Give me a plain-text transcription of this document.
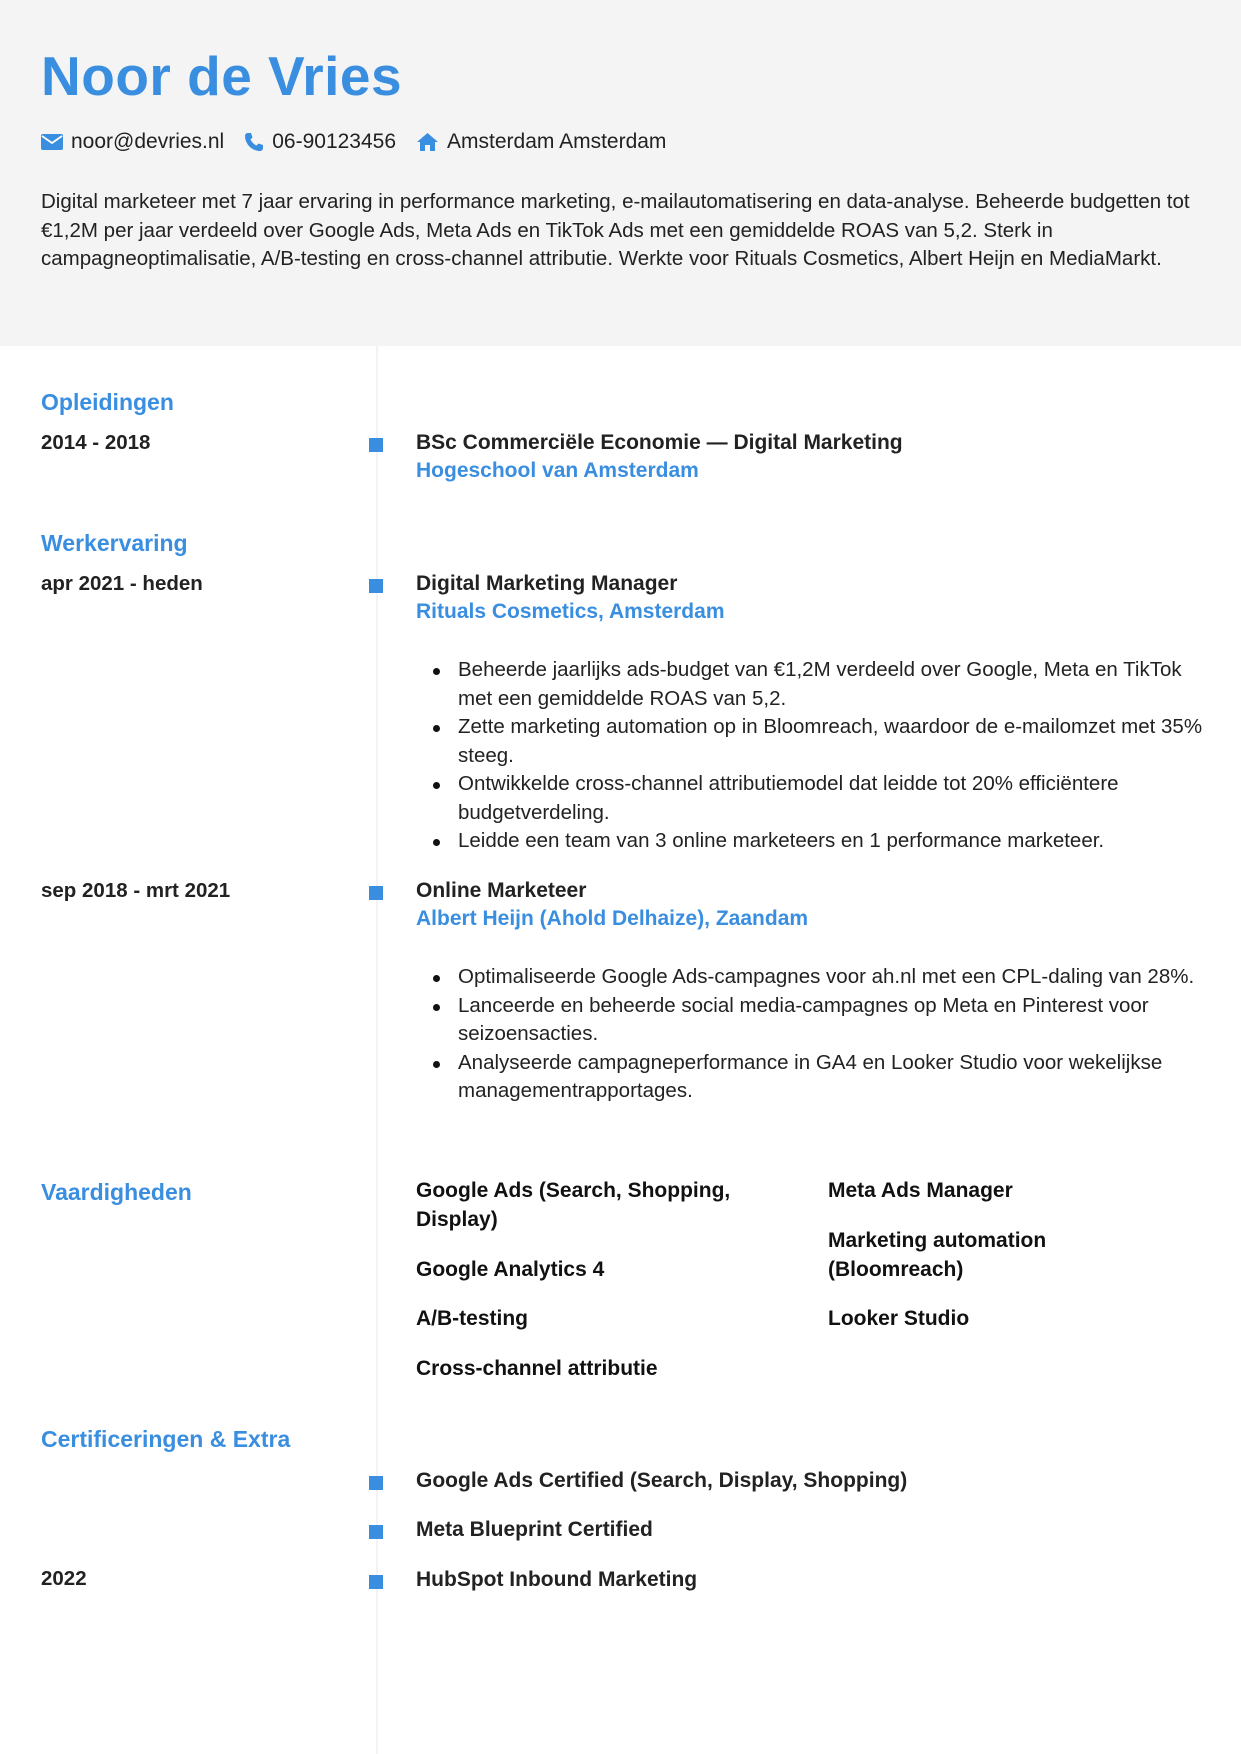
Noor de Vries
noor@devries.nl 06-90123456 Amsterdam Amsterdam
Digital marketeer met 7 jaar ervaring in performance marketing, e-mailautomatisering en data-analyse. Beheerde budgetten tot €1,2M per jaar verdeeld over Google Ads, Meta Ads en TikTok Ads met een gemiddelde ROAS van 5,2. Sterk in campagneoptimalisatie, A/B-testing en cross-channel attributie. Werkte voor Rituals Cosmetics, Albert Heijn en MediaMarkt.
Opleidingen
2014 - 2018	BSc Commerciële Economie — Digital Marketing
Hogeschool van Amsterdam
Werkervaring
apr 2021 - heden	Digital Marketing Manager
Rituals Cosmetics, Amsterdam
Beheerde jaarlijks ads-budget van €1,2M verdeeld over Google, Meta en TikTok met een gemiddelde ROAS van 5,2.
Zette marketing automation op in Bloomreach, waardoor de e-mailomzet met 35% steeg.
Ontwikkelde cross-channel attributiemodel dat leidde tot 20% efficiëntere budgetverdeling.
Leidde een team van 3 online marketeers en 1 performance marketeer.
sep 2018 - mrt 2021	Online Marketeer
Albert Heijn (Ahold Delhaize), Zaandam
Optimaliseerde Google Ads-campagnes voor ah.nl met een CPL-daling van 28%.
Lanceerde en beheerde social media-campagnes op Meta en Pinterest voor seizoensacties.
Analyseerde campagneperformance in GA4 en Looker Studio voor wekelijkse managementrapportages.
Vaardigheden	Google Ads (Search, Shopping, Display)
Google Analytics 4
A/B-testing
Cross-channel attributie
Meta Ads Manager
Marketing automation (Bloomreach)
Looker Studio
Certificeringen & Extra
Google Ads Certified (Search, Display, Shopping)
Meta Blueprint Certified
2022	HubSpot Inbound Marketing
